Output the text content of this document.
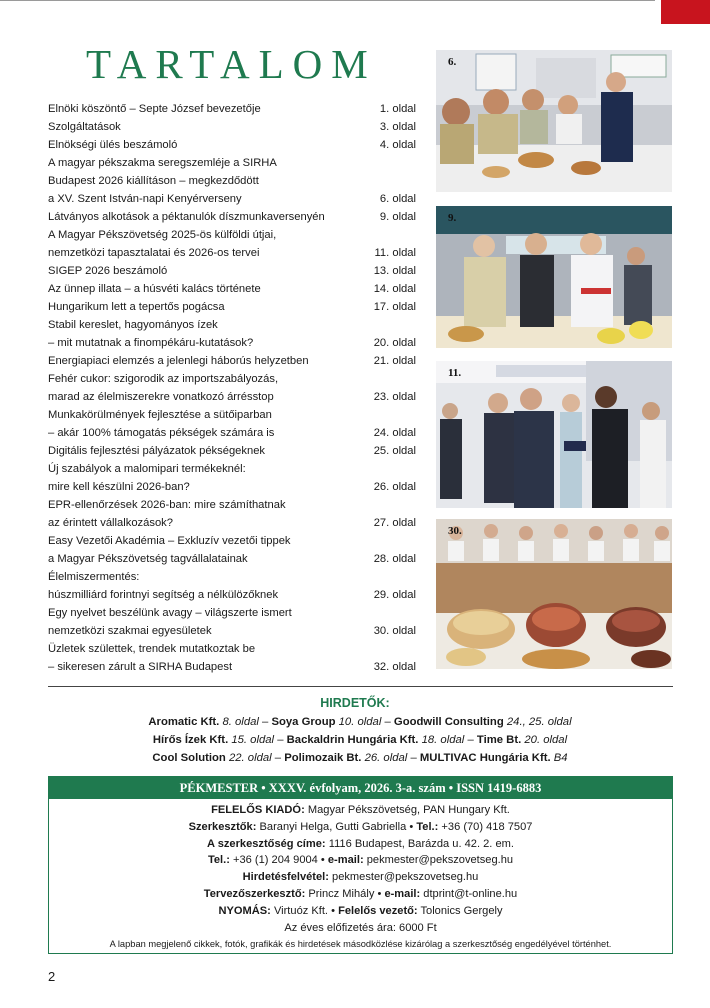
TARTALOM
Elnöki köszöntő – Septe József bevezetője	1. oldal
Szolgáltatások	3. oldal
Elnökségi ülés beszámoló	4. oldal
A magyar pékszakma seregszemléje a SIRHA
Budapest 2026 kiállításon – megkezdődött
a XV. Szent István-napi Kenyérverseny	6. oldal
Látványos alkotások a péktanulók díszmunkaversenyén	9. oldal
A Magyar Pékszövetség 2025-ös külföldi útjai,
nemzetközi tapasztalatai és 2026-os tervei	11. oldal
SIGEP 2026 beszámoló	13. oldal
Az ünnep illata – a húsvéti kalács története	14. oldal
Hungarikum lett a tepertős pogácsa	17. oldal
Stabil kereslet, hagyományos ízek
– mit mutatnak a finompékáru-kutatások?	20. oldal
Energiapiaci elemzés a jelenlegi háborús helyzetben	21. oldal
Fehér cukor: szigorodik az importszabályozás,
marad az élelmiszerekre vonatkozó árrésstop	23. oldal
Munkakörülmények fejlesztése a sütőiparban
– akár 100% támogatás pékségek számára is	24. oldal
Digitális fejlesztési pályázatok pékségeknek	25. oldal
Új szabályok a malomipari termékeknél:
mire kell készülni 2026-ban?	26. oldal
EPR-ellenőrzések 2026-ban: mire számíthatnak
az érintett vállalkozások?	27. oldal
Easy Vezetői Akadémia – Exkluzív vezetői tippek
a Magyar Pékszövetség tagvállalatainak	28. oldal
Élelmiszermentés:
húszmilliárd forintnyi segítség a nélkülözőknek	29. oldal
Egy nyelvet beszélünk avagy – világszerte ismert
nemzetközi szakmai egyesületek	30. oldal
Üzletek születtek, trendek mutatkoztak be
– sikeresen zárult a SIRHA Budapest	32. oldal
6.
9.
11.
30.
HIRDETŐK:
Aromatic Kft. 8. oldal – Soya Group 10. oldal – Goodwill Consulting 24., 25. oldal
Hírős Ízek Kft. 15. oldal – Backaldrin Hungária Kft. 18. oldal – Time Bt. 20. oldal
Cool Solution 22. oldal – Polimozaik Bt. 26. oldal – MULTIVAC Hungária Kft. B4
PÉKMESTER • XXXV. évfolyam, 2026. 3-a. szám • ISSN 1419-6883
FELELŐS KIADÓ: Magyar Pékszövetség, PAN Hungary Kft.
Szerkesztők: Baranyi Helga, Gutti Gabriella • Tel.: +36 (70) 418 7507
A szerkesztőség címe: 1116 Budapest, Barázda u. 42. 2. em.
Tel.: +36 (1) 204 9004 • e-mail: pekmester@pekszovetseg.hu
Hirdetésfelvétel: pekmester@pekszovetseg.hu
Tervezőszerkesztő: Princz Mihály • e-mail: dtprint@t-online.hu
NYOMÁS: Virtuóz Kft. • Felelős vezető: Tolonics Gergely
Az éves előfizetés ára: 6000 Ft
A lapban megjelenő cikkek, fotók, grafikák és hirdetések másodközlése kizárólag a szerkesztőség engedélyével történhet.
2
